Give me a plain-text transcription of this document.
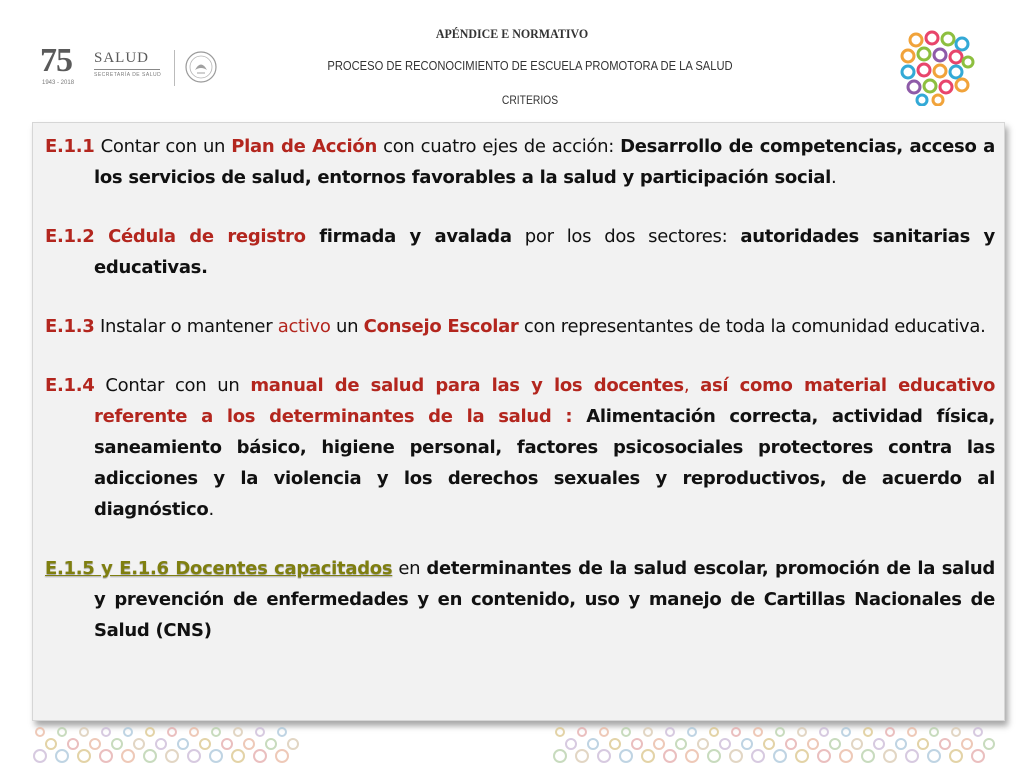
75
1943 - 2018
SALUD
SECRETARÍA DE SALUD
APÉNDICE E NORMATIVO
PROCESO DE RECONOCIMIENTO DE ESCUELA PROMOTORA DE LA SALUD
CRITERIOS

E.1.1 Contar con un Plan de Acción con cuatro ejes de acción: Desarrollo de competencias, acceso a los servicios de salud, entornos favorables a la salud y participación social.

E.1.2 Cédula de registro firmada y avalada por los dos sectores: autoridades sanitarias y educativas.

E.1.3 Instalar o mantener activo un Consejo Escolar con representantes de toda la comunidad educativa.

E.1.4 Contar con un manual de salud para las y los docentes, así como material educativo referente a los determinantes de la salud : Alimentación correcta, actividad física, saneamiento básico, higiene personal, factores psicosociales protectores contra las adicciones y la violencia y los derechos sexuales y reproductivos, de acuerdo al diagnóstico.

E.1.5 y E.1.6 Docentes capacitados en determinantes de la salud escolar, promoción de la salud y prevención de enfermedades y en contenido, uso y manejo de Cartillas Nacionales de Salud (CNS)
